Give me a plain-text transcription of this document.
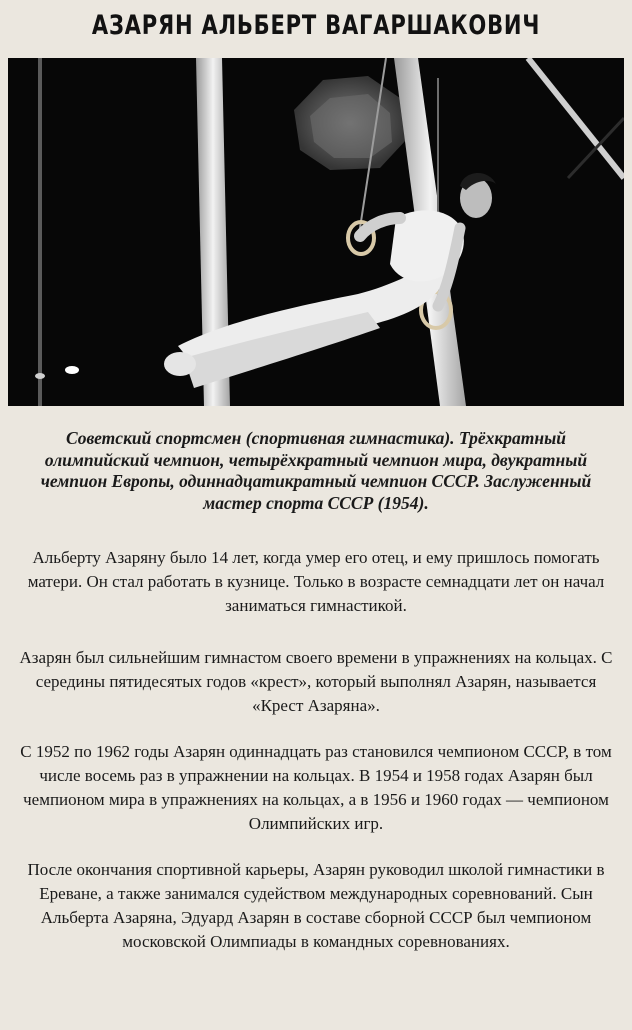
АЗАРЯН АЛЬБЕРТ ВАГАРШАКОВИЧ
Советский спортсмен (спортивная гимнастика). Трёхкратный олимпийский чемпион, четырёхкратный чемпион мира, двукратный чемпион Европы, одиннадцатикратный чемпион СССР. Заслуженный мастер спорта СССР (1954).
Альберту Азаряну было 14 лет, когда умер его отец, и ему пришлось помогать матери. Он стал работать в кузнице. Только в возрасте семнадцати лет он начал заниматься гимнастикой.
Азарян был сильнейшим гимнастом своего времени в упражнениях на кольцах. С середины пятидесятых годов «крест», который выполнял Азарян, называется «Крест Азаряна».
С 1952 по 1962 годы Азарян одиннадцать раз становился чемпионом СССР, в том числе восемь раз в упражнении на кольцах. В 1954 и 1958 годах Азарян был чемпионом мира в упражнениях на кольцах, а в 1956 и 1960 годах — чемпионом Олимпийских игр.
После окончания спортивной карьеры, Азарян руководил школой гимнастики в Ереване, а также занимался судейством международных соревнований. Сын Альберта Азаряна, Эдуард Азарян в составе сборной СССР был чемпионом московской Олимпиады в командных соревнованиях.
